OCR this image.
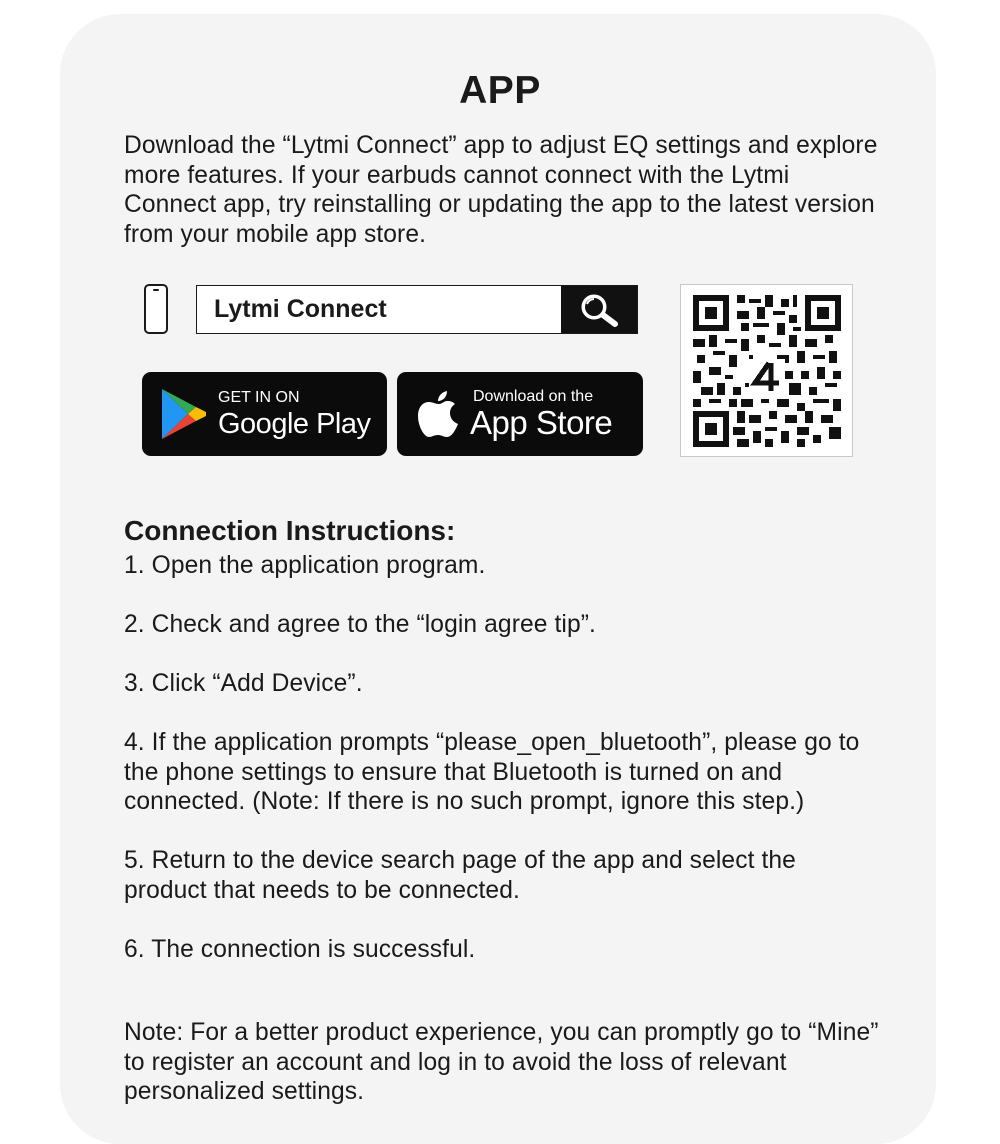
APP
Download the “Lytmi Connect” app to adjust EQ settings and explore more features. If your earbuds cannot connect with the Lytmi Connect app, try reinstalling or updating the app to the latest version from your mobile app store.
Lytmi Connect
GET IN ON
Google Play
Download on the
App Store
Connection Instructions:
1. Open the application program.
2. Check and agree to the “login agree tip”.
3. Click “Add Device”.
4. If the application prompts “please_open_bluetooth”, please go to the phone settings to ensure that Bluetooth is turned on and connected. (Note: If there is no such prompt, ignore this step.)
5. Return to the device search page of the app and select the product that needs to be connected.
6. The connection is successful.
Note: For a better product experience, you can promptly go to “Mine” to register an account and log in to avoid the loss of relevant personalized settings.
